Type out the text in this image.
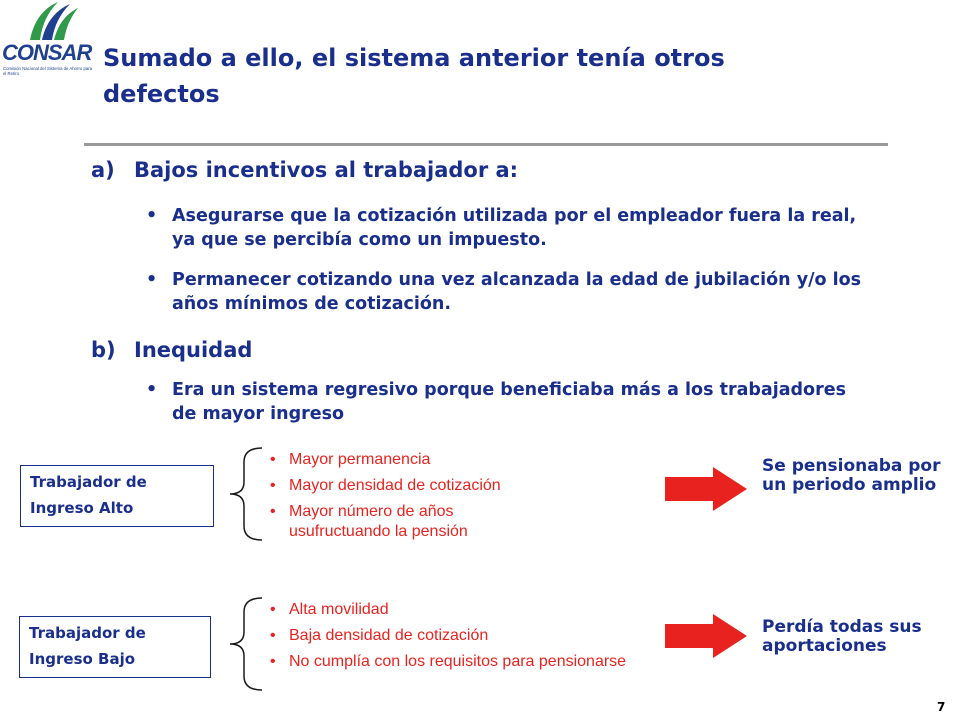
CONSAR
Comisión Nacional del Sistema de Ahorro para el Retiro
Sumado a ello, el sistema anterior tenía otros defectos
a) Bajos incentivos al trabajador a:
• Asegurarse que la cotización utilizada por el empleador fuera la real, ya que se percibía como un impuesto.
• Permanecer cotizando una vez alcanzada la edad de jubilación y/o los años mínimos de cotización.
b) Inequidad
• Era un sistema regresivo porque beneficiaba más a los trabajadores de mayor ingreso
Trabajador de Ingreso Alto
• Mayor permanencia
• Mayor densidad de cotización
• Mayor número de años usufructuando la pensión
Se pensionaba por un periodo amplio
Trabajador de Ingreso Bajo
• Alta movilidad
• Baja densidad de cotización
• No cumplía con los requisitos para pensionarse
Perdía todas sus aportaciones
7
